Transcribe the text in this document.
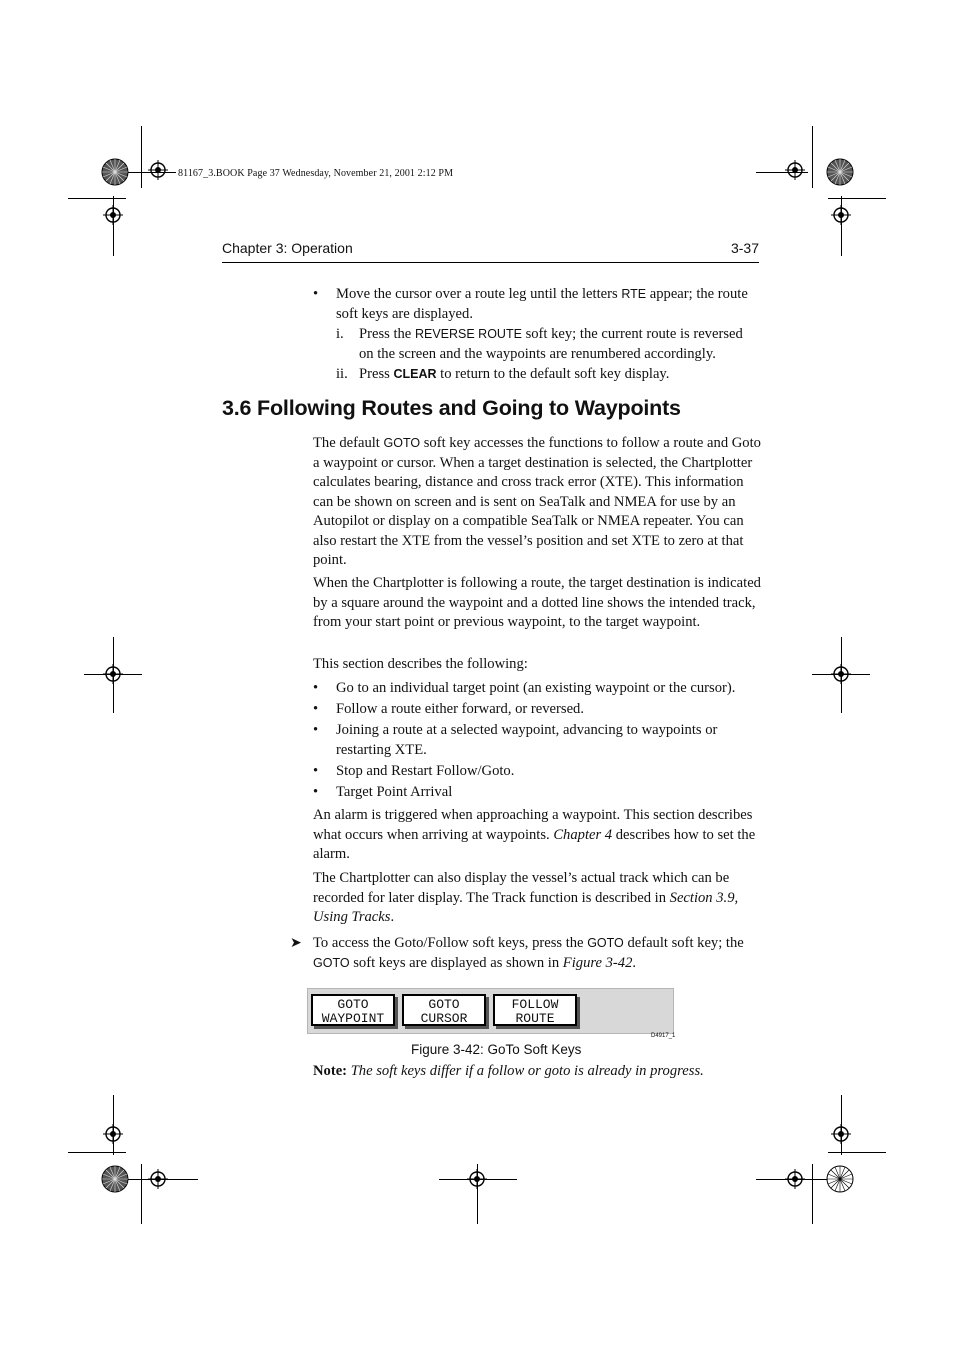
81167_3.BOOK Page 37 Wednesday, November 21, 2001 2:12 PM
Chapter 3: Operation	3-37
• Move the cursor over a route leg until the letters RTE appear; the route soft keys are displayed.
i. Press the REVERSE ROUTE soft key; the current route is reversed on the screen and the waypoints are renumbered accordingly.
ii. Press CLEAR to return to the default soft key display.
3.6 Following Routes and Going to Waypoints
The default GOTO soft key accesses the functions to follow a route and Goto a waypoint or cursor. When a target destination is selected, the Chartplotter calculates bearing, distance and cross track error (XTE). This information can be shown on screen and is sent on SeaTalk and NMEA for use by an Autopilot or display on a compatible SeaTalk or NMEA repeater. You can also restart the XTE from the vessel’s position and set XTE to zero at that point.
When the Chartplotter is following a route, the target destination is indicated by a square around the waypoint and a dotted line shows the intended track, from your start point or previous waypoint, to the target waypoint.
This section describes the following:
• Go to an individual target point (an existing waypoint or the cursor).
• Follow a route either forward, or reversed.
• Joining a route at a selected waypoint, advancing to waypoints or restarting XTE.
• Stop and Restart Follow/Goto.
• Target Point Arrival
An alarm is triggered when approaching a waypoint. This section describes what occurs when arriving at waypoints. Chapter 4 describes how to set the alarm.
The Chartplotter can also display the vessel’s actual track which can be recorded for later display. The Track function is described in Section 3.9, Using Tracks.
➤ To access the Goto/Follow soft keys, press the GOTO default soft key; the GOTO soft keys are displayed as shown in Figure 3-42.
GOTO
WAYPOINT
GOTO
CURSOR
FOLLOW
ROUTE
D4917_1
Figure 3-42: GoTo Soft Keys
Note: The soft keys differ if a follow or goto is already in progress.
